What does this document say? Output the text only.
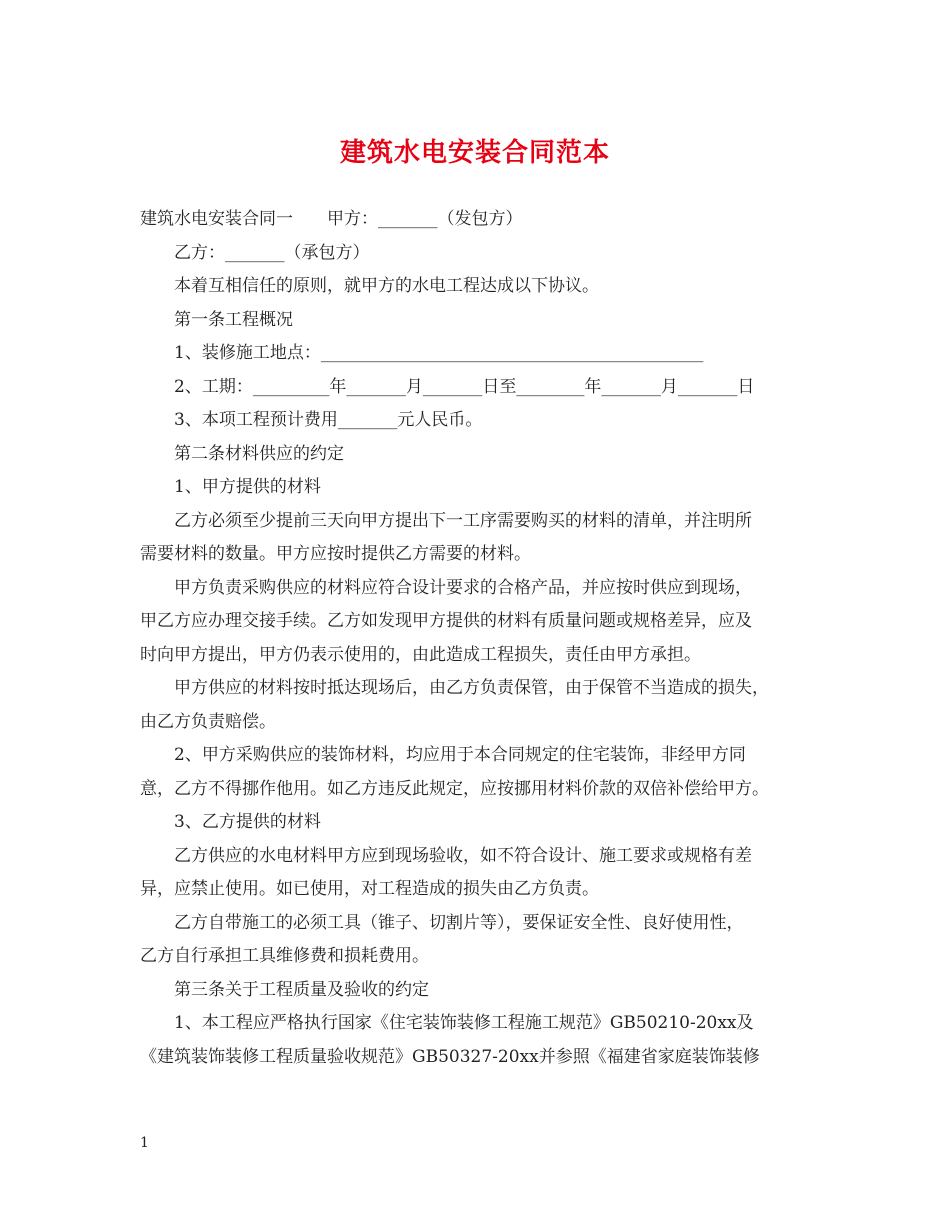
建筑水电安装合同范本
建筑水电安装合同一　　甲方：_______（发包方）
乙方：_______（承包方）
本着互相信任的原则，就甲方的水电工程达成以下协议。
第一条工程概况
1、装修施工地点：_____________________________________________
2、工期：_________年_______月_______日至________年_______月_______日
3、本项工程预计费用_______元人民币。
第二条材料供应的约定
1、甲方提供的材料
乙方必须至少提前三天向甲方提出下一工序需要购买的材料的清单，并注明所
需要材料的数量。甲方应按时提供乙方需要的材料。
甲方负责采购供应的材料应符合设计要求的合格产品，并应按时供应到现场，
甲乙方应办理交接手续。乙方如发现甲方提供的材料有质量问题或规格差异，应及
时向甲方提出，甲方仍表示使用的，由此造成工程损失，责任由甲方承担。
甲方供应的材料按时抵达现场后，由乙方负责保管，由于保管不当造成的损失，
由乙方负责赔偿。
2、甲方采购供应的装饰材料，均应用于本合同规定的住宅装饰，非经甲方同
意，乙方不得挪作他用。如乙方违反此规定，应按挪用材料价款的双倍补偿给甲方。
3、乙方提供的材料
乙方供应的水电材料甲方应到现场验收，如不符合设计、施工要求或规格有差
异，应禁止使用。如已使用，对工程造成的损失由乙方负责。
乙方自带施工的必须工具（锥子、切割片等），要保证安全性、良好使用性，
乙方自行承担工具维修费和损耗费用。
第三条关于工程质量及验收的约定
1、本工程应严格执行国家《住宅装饰装修工程施工规范》GB50210-20xx及
《建筑装饰装修工程质量验收规范》GB50327-20xx并参照《福建省家庭装饰装修
1
